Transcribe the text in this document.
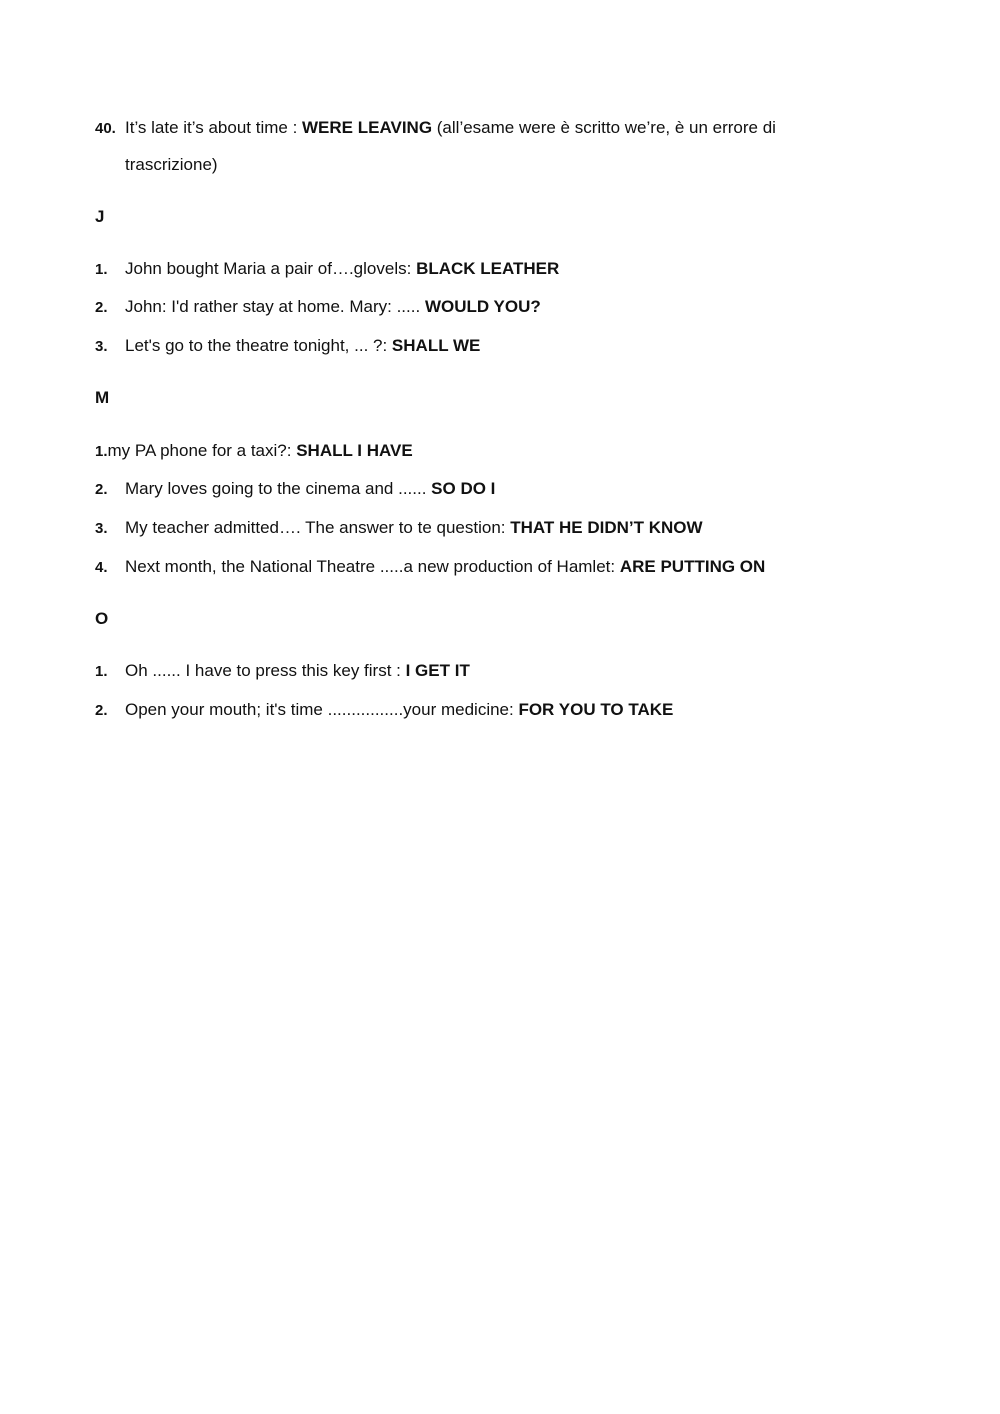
40. It’s late it’s about time : WERE LEAVING (all’esame were è scritto we’re, è un errore di
trascrizione)
J
1. John bought Maria a pair of….glovels: BLACK LEATHER
2. John: I'd rather stay at home. Mary: ..... WOULD YOU?
3. Let's go to the theatre tonight, ... ?: SHALL WE
M
1.my PA phone for a taxi?: SHALL I HAVE
2. Mary loves going to the cinema and ...... SO DO I
3. My teacher admitted…. The answer to te question: THAT HE DIDN’T KNOW
4. Next month, the National Theatre .....a new production of Hamlet: ARE PUTTING ON
O
1. Oh ...... I have to press this key first : I GET IT
2. Open your mouth; it's time ................your medicine: FOR YOU TO TAKE
